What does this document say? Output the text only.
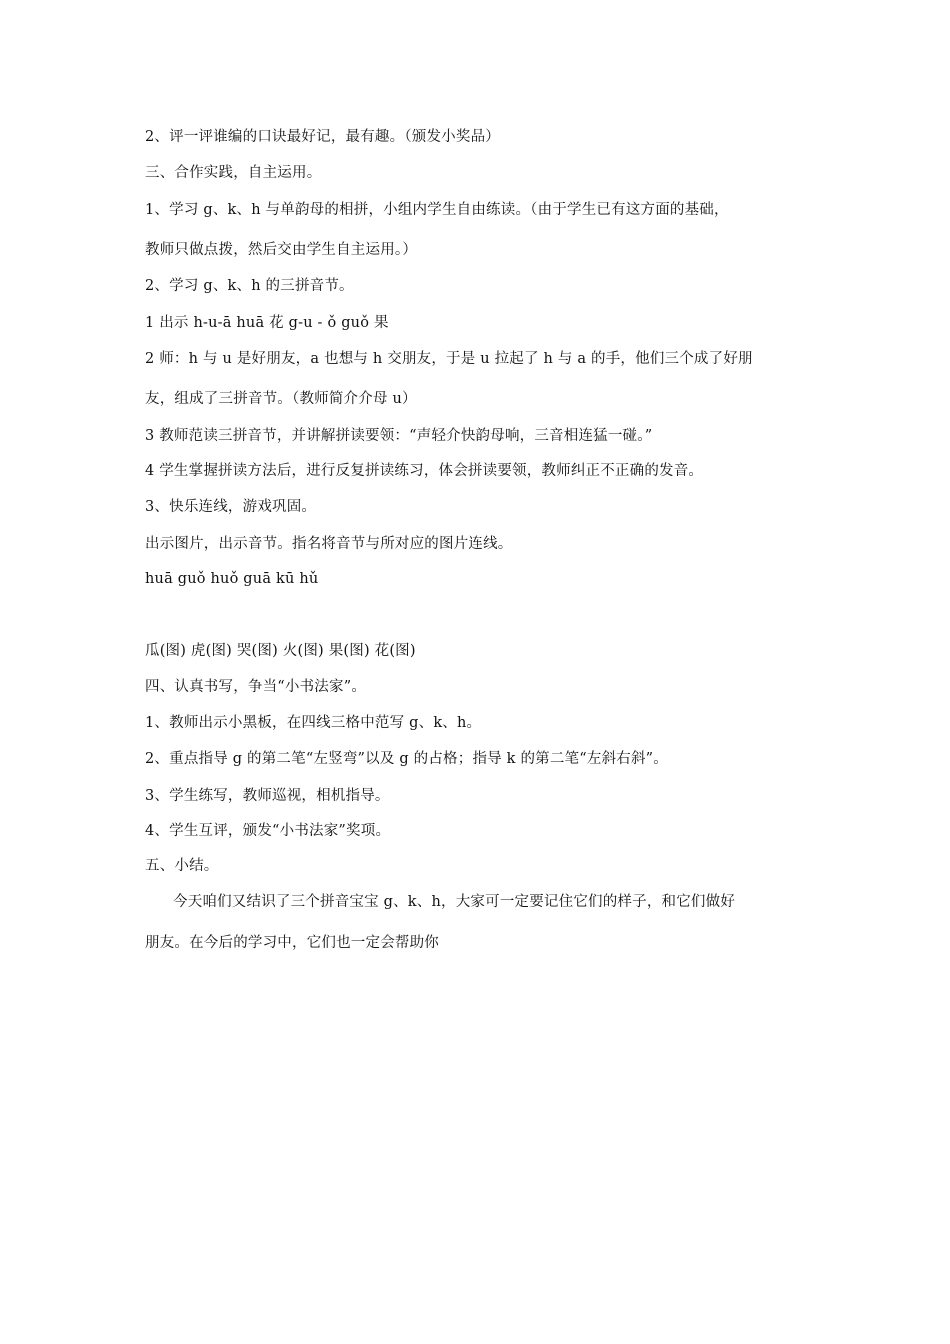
2、评一评谁编的口诀最好记，最有趣。（颁发小奖品）
三、合作实践，自主运用。
1、学习 g、k、h 与单韵母的相拼，小组内学生自由练读。（由于学生已有这方面的基础，
教师只做点拨，然后交由学生自主运用。）
2、学习 g、k、h 的三拼音节。
1 出示 h-u-ā huā 花 g-u - ǒ guǒ 果
2 师：h 与 u 是好朋友，a 也想与 h 交朋友，于是 u 拉起了 h 与 a 的手，他们三个成了好朋
友，组成了三拼音节。（教师简介介母 u）
3 教师范读三拼音节，并讲解拼读要领：“声轻介快韵母响，三音相连猛一碰。”
4 学生掌握拼读方法后，进行反复拼读练习，体会拼读要领，教师纠正不正确的发音。
3、快乐连线，游戏巩固。
出示图片，出示音节。指名将音节与所对应的图片连线。
huā guǒ huǒ guā kū hǔ
瓜(图) 虎(图) 哭(图) 火(图) 果(图) 花(图)
四、认真书写，争当“小书法家”。
1、教师出示小黑板，在四线三格中范写 g、k、h。
2、重点指导 g 的第二笔“左竖弯”以及 g 的占格；指导 k 的第二笔“左斜右斜”。
3、学生练写，教师巡视，相机指导。
4、学生互评，颁发“小书法家”奖项。
五、小结。
今天咱们又结识了三个拼音宝宝 g、k、h，大家可一定要记住它们的样子，和它们做好
朋友。在今后的学习中，它们也一定会帮助你
